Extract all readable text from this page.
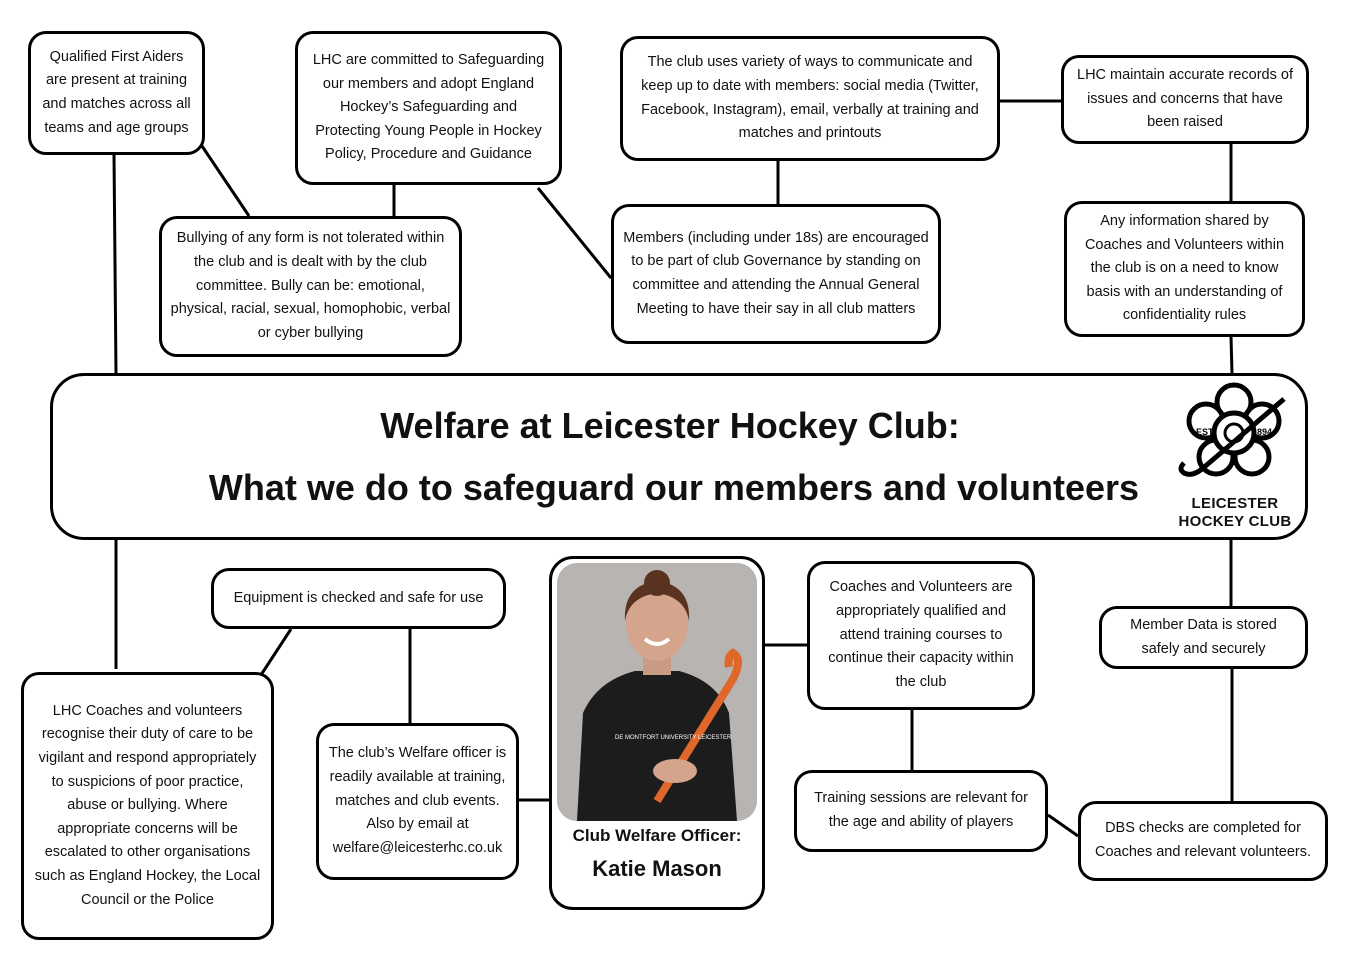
Qualified First Aiders are present at training and matches across all teams and age groups
LHC are committed to Safeguarding our members and adopt England Hockey’s Safeguarding and Protecting Young People in Hockey Policy, Procedure and Guidance
The club uses variety of ways to communicate and keep up to date with members: social media (Twitter, Facebook, Instagram), email, verbally at training and matches and printouts
LHC maintain accurate records of issues and concerns that have been raised
Bullying of any form is not tolerated within the club and is dealt with by the club committee. Bully can be: emotional, physical, racial, sexual, homophobic, verbal or cyber bullying
Members (including under 18s) are encouraged to be part of club Governance by standing on committee and attending the Annual General Meeting to have their say in all club matters
Any information shared by Coaches and Volunteers within the club is on a need to know basis with an understanding of confidentiality rules
Welfare at Leicester Hockey Club:
What we do to safeguard our members and volunteers
EST.	1894
LEICESTER
HOCKEY CLUB
Equipment is checked and safe for use
LHC Coaches and volunteers recognise their duty of care to be vigilant and respond appropriately to suspicions of poor practice, abuse or bullying. Where appropriate concerns will be escalated to other organisations such as England Hockey, the Local Council or the Police
The club’s Welfare officer is readily available at training, matches and club events. Also by email at welfare@leicesterhc.co.uk
DE MONTFORT UNIVERSITY LEICESTER
Club Welfare Officer:
Katie Mason
Coaches and Volunteers are appropriately qualified and attend training courses to continue their capacity within the club
Training sessions are relevant for the age and ability of players
Member Data is stored safely and securely
DBS checks are completed for Coaches and relevant volunteers.
